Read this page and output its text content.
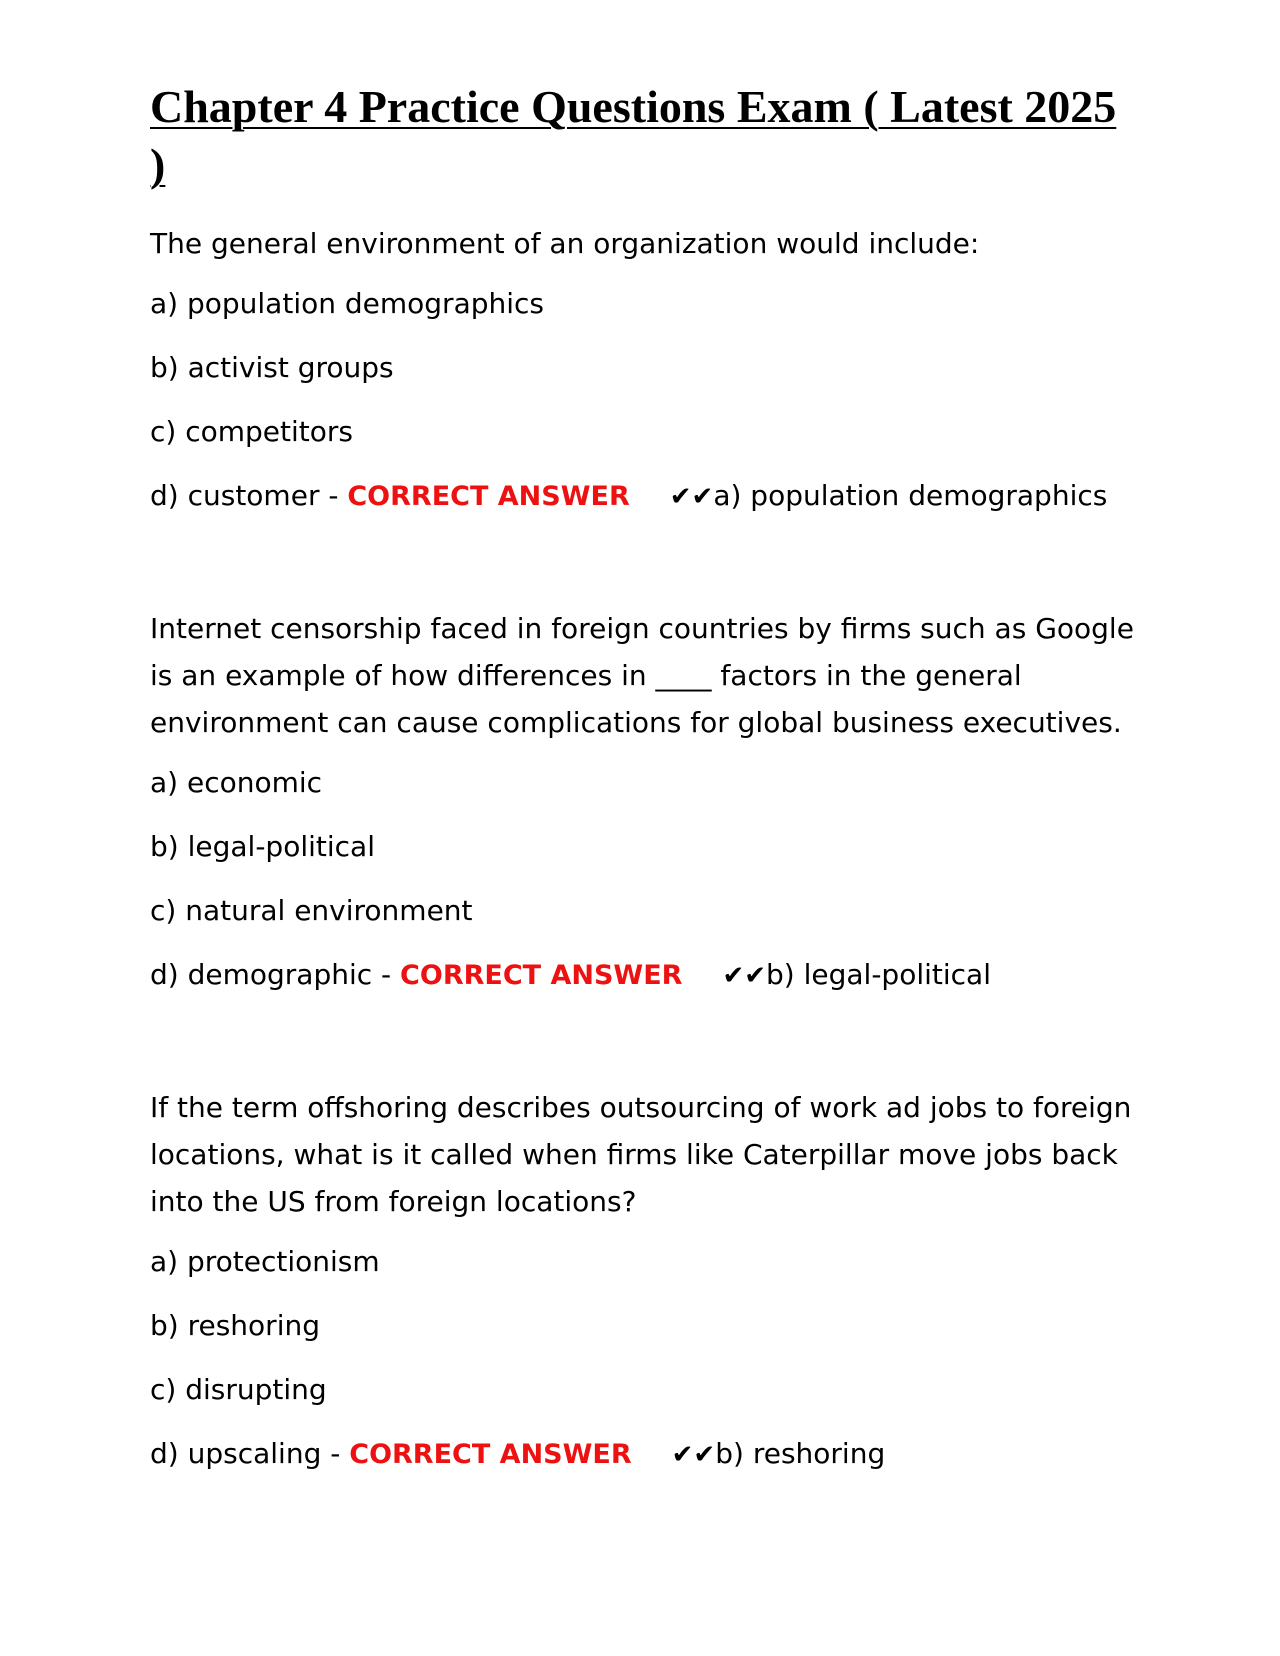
Chapter 4 Practice Questions Exam ( Latest 2025 )

The general environment of an organization would include:

a) population demographics

b) activist groups

c) competitors

d) customer - CORRECT ANSWER ✔✔a) population demographics

Internet censorship faced in foreign countries by firms such as Google is an example of how differences in ____ factors in the general environment can cause complications for global business executives.

a) economic

b) legal-political

c) natural environment

d) demographic - CORRECT ANSWER ✔✔b) legal-political

If the term offshoring describes outsourcing of work ad jobs to foreign locations, what is it called when firms like Caterpillar move jobs back into the US from foreign locations?

a) protectionism

b) reshoring

c) disrupting

d) upscaling - CORRECT ANSWER ✔✔b) reshoring
